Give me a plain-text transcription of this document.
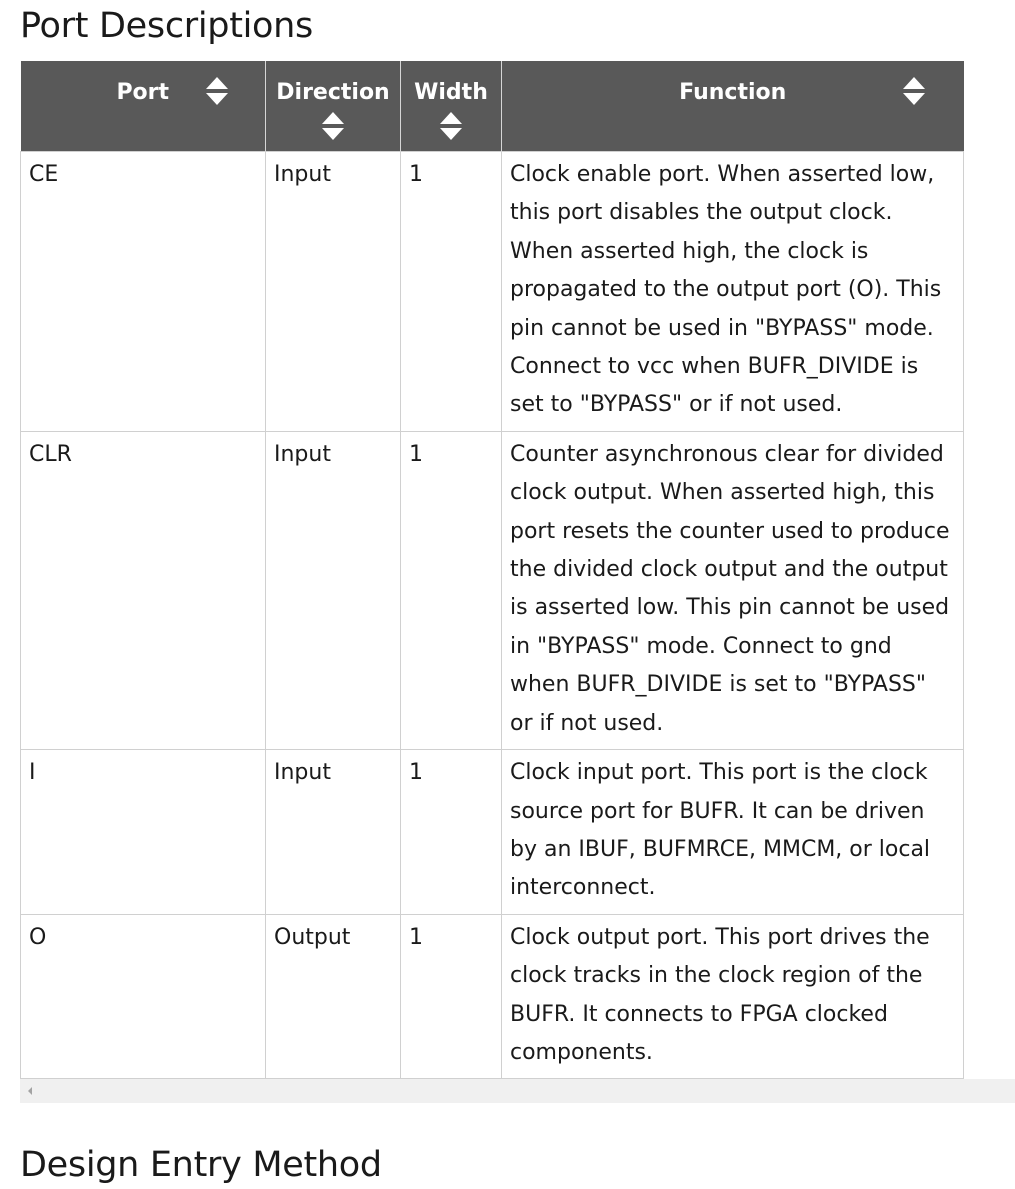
Port Descriptions
Port	Direction	Width	Function

CE	Input	1	Clock enable port. When asserted low, this port disables the output clock. When asserted high, the clock is propagated to the output port (O). This pin cannot be used in "BYPASS" mode. Connect to vcc when BUFR_DIVIDE is set to "BYPASS" or if not used.
CLR	Input	1	Counter asynchronous clear for divided clock output. When asserted high, this port resets the counter used to produce the divided clock output and the output is asserted low. This pin cannot be used in "BYPASS" mode. Connect to gnd when BUFR_DIVIDE is set to "BYPASS" or if not used.
I	Input	1	Clock input port. This port is the clock source port for BUFR. It can be driven by an IBUF, BUFMRCE, MMCM, or local interconnect.
O	Output	1	Clock output port. This port drives the clock tracks in the clock region of the BUFR. It connects to FPGA clocked components.
Design Entry Method
